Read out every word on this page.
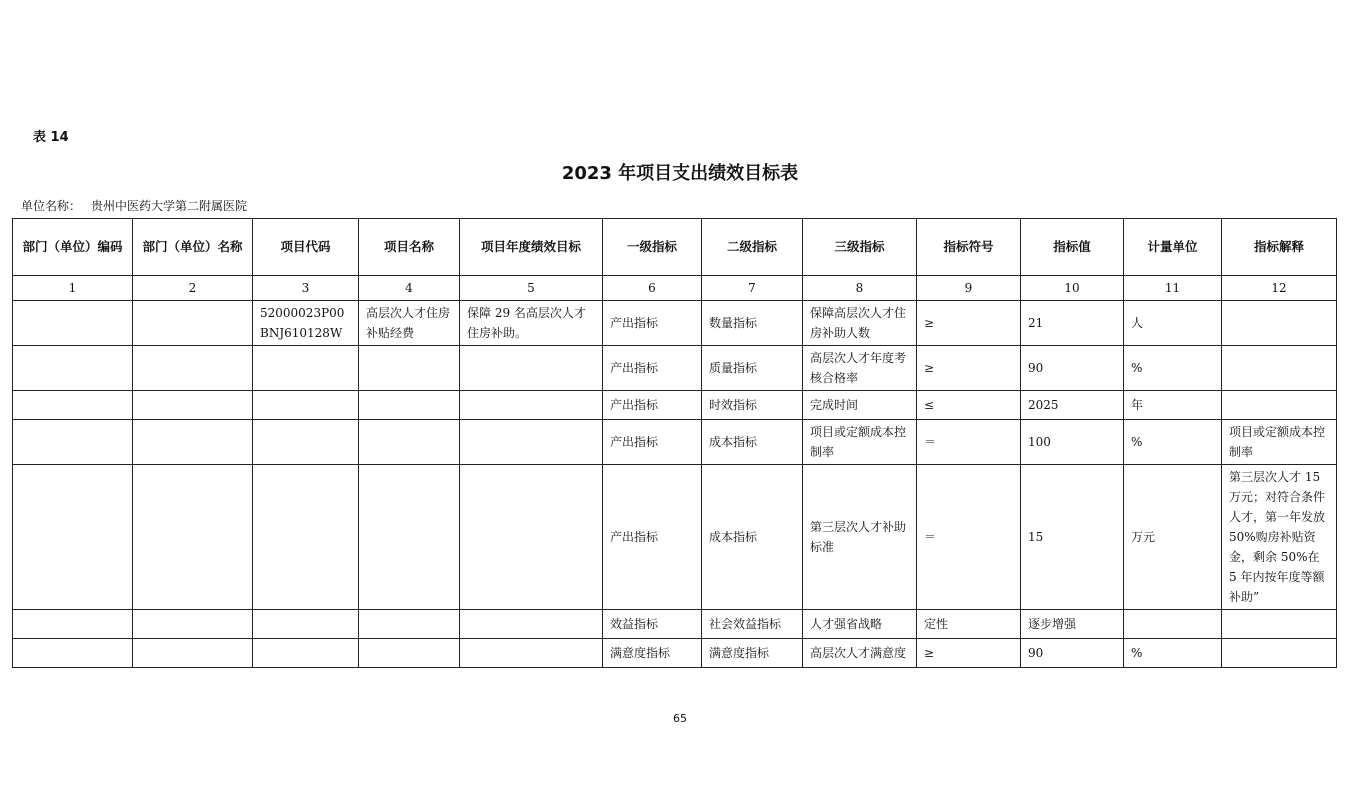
表 14
2023 年项目支出绩效目标表
单位名称： 贵州中医药大学第二附属医院
部门（单位）编码	部门（单位）名称	项目代码	项目名称	项目年度绩效目标	一级指标	二级指标	三级指标	指标符号	指标值	计量单位	指标解释
1	2	3	4	5	6	7	8	9	10	11	12
		52000023P00BNJ610128W	高层次人才住房补贴经费	保障 29 名高层次人才住房补助。	产出指标	数量指标	保障高层次人才住房补助人数	≥	21	人	
					产出指标	质量指标	高层次人才年度考核合格率	≥	90	%	
					产出指标	时效指标	完成时间	≤	2025	年	
					产出指标	成本指标	项目或定额成本控制率	＝	100	%	项目或定额成本控制率
					产出指标	成本指标	第三层次人才补助标准	＝	15	万元	第三层次人才 15 万元；对符合条件人才，第一年发放 50%购房补贴资金，剩余 50%在 5 年内按年度等额补助”
					效益指标	社会效益指标	人才强省战略	定性	逐步增强		
					满意度指标	满意度指标	高层次人才满意度	≥	90	%	
65
